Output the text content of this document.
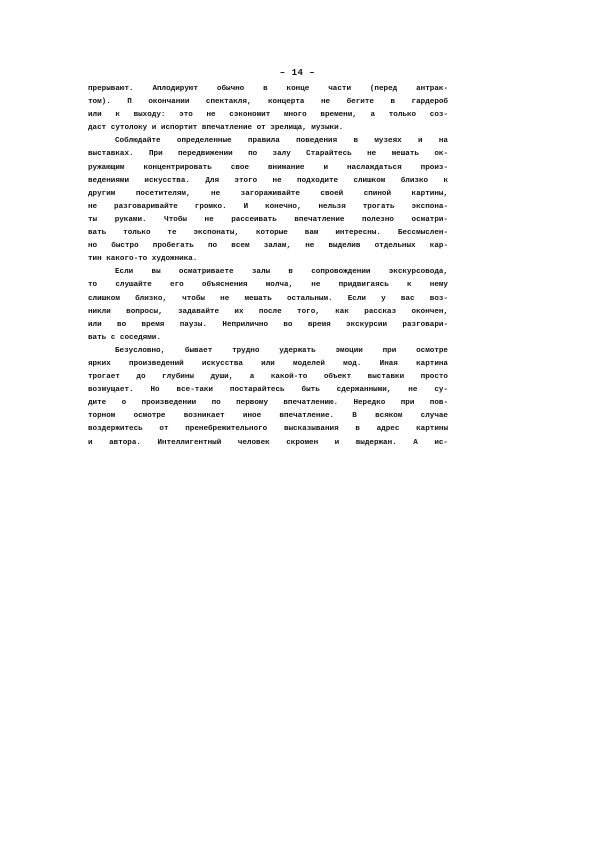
– 14 –
прерывают. Аплодируют обычно в конце части (перед антрак-
том). П окончании спектакля, концерта не бегите в гардероб
или к выходу: это не сэкономит много времени, а только соз-
даст сутолоку и испортит впечатление от зрелища, музыки.
Соблюдайте определенные правила поведения в музеях и на
выставках. При передвижении по залу Старайтесь не мешать ок-
ружающим концентрировать свое внимание и наслаждаться произ-
ведениями искусства. Для этого не подходите слишком близко к
другим посетителям, не загораживайте своей спиной картины,
не разговаривайте громко. И конечно, нельзя трогать экспона-
ты руками. Чтобы не рассеивать впечатление полезно осматри-
вать только те экспонаты, которые вам интересны. Бессмыслен-
но быстро пробегать по всем залам, не выделив отдельных кар-
тин какого-то художника.
Если вы осматриваете залы в сопровождении экскурсовода,
то слушайте его объяснения молча, не придвигаясь к нему
слишком близко, чтобы не мешать остальным. Если у вас воз-
никли вопросы, задавайте их после того, как рассказ окончен,
или во время паузы. Неприлично во время экскурсии разговари-
вать с соседями.
Безусловно, бывает трудно удержать эмоции при осмотре
ярких произведений искусства или моделей мод. Иная картина
трогает до глубины души, а какой-то объект выставки просто
возмущает. Но все-таки постарайтесь быть сдержанными, не су-
дите о произведении по первому впечатлению. Нередко при пов-
торном осмотре возникает иное впечатление. В всяком случае
воздержитесь от пренебрежительного высказывания в адрес картины
и автора. Интеллигентный человек скромен и выдержан. А ис-
